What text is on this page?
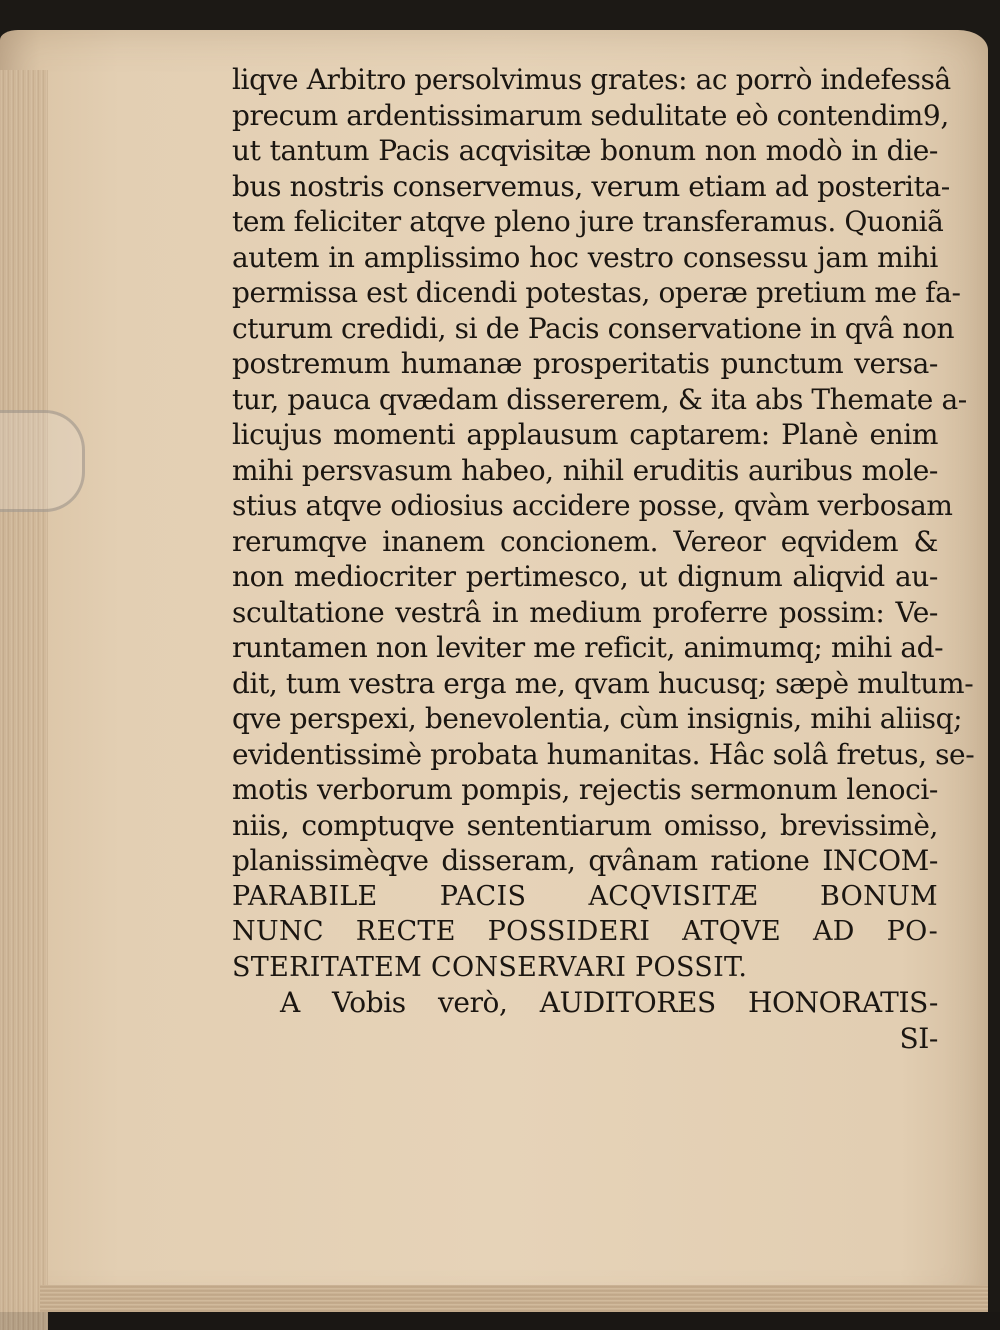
liqve Arbitro persolvimus grates: ac porrò indefessâ
precum ardentissimarum sedulitate eò contendim9,
ut tantum Pacis acqvisitæ bonum non modò in die-
bus nostris conservemus, verum etiam ad posterita-
tem feliciter atqve pleno jure transferamus. Quoniã
autem in amplissimo hoc vestro consessu jam mihi
permissa est dicendi potestas, operæ pretium me fa-
cturum credidi, si de Pacis conservatione in qvâ non
postremum humanæ prosperitatis punctum versa-
tur, pauca qvædam dissererem, & ita abs Themate a-
licujus momenti applausum captarem: Planè enim
mihi persvasum habeo, nihil eruditis auribus mole-
stius atqve odiosius accidere posse, qvàm verbosam
rerumqve inanem concionem. Vereor eqvidem &
non mediocriter pertimesco, ut dignum aliqvid au-
scultatione vestrâ in medium proferre possim: Ve-
runtamen non leviter me reficit, animumq; mihi ad-
dit, tum vestra erga me, qvam hucusq; sæpè multum-
qve perspexi, benevolentia, cùm insignis, mihi aliisq;
evidentissimè probata humanitas. Hâc solâ fretus, se-
motis verborum pompis, rejectis sermonum lenoci-
niis, comptuqve sententiarum omisso, brevissimè,
planissimèqve disseram, qvânam ratione INCOM-
PARABILE PACIS ACQVISITÆ BONUM
NUNC RECTE POSSIDERI ATQVE AD PO-
STERITATEM CONSERVARI POSSIT.
A Vobis verò, AUDITORES HONORATIS-
SI-
